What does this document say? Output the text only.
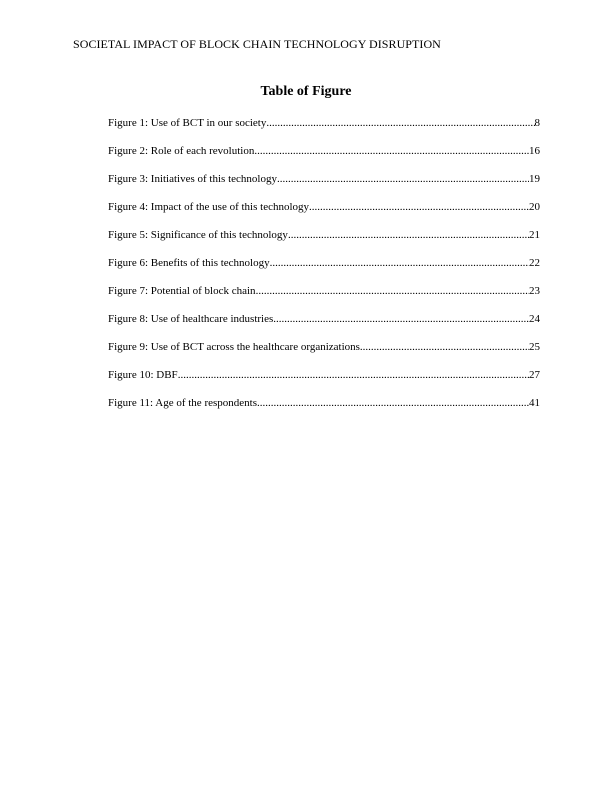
SOCIETAL IMPACT OF BLOCK CHAIN TECHNOLOGY DISRUPTION
Table of Figure
Figure 1: Use of BCT in our society .....	8
Figure 2: Role of each revolution .....	16
Figure 3: Initiatives of this technology .....	19
Figure 4: Impact of the use of this technology .....	20
Figure 5: Significance of this technology .....	21
Figure 6: Benefits of this technology .....	22
Figure 7: Potential of block chain .....	23
Figure 8: Use of healthcare industries .....	24
Figure 9: Use of BCT across the healthcare organizations .....	25
Figure 10: DBF .....	27
Figure 11: Age of the respondents .....	41
